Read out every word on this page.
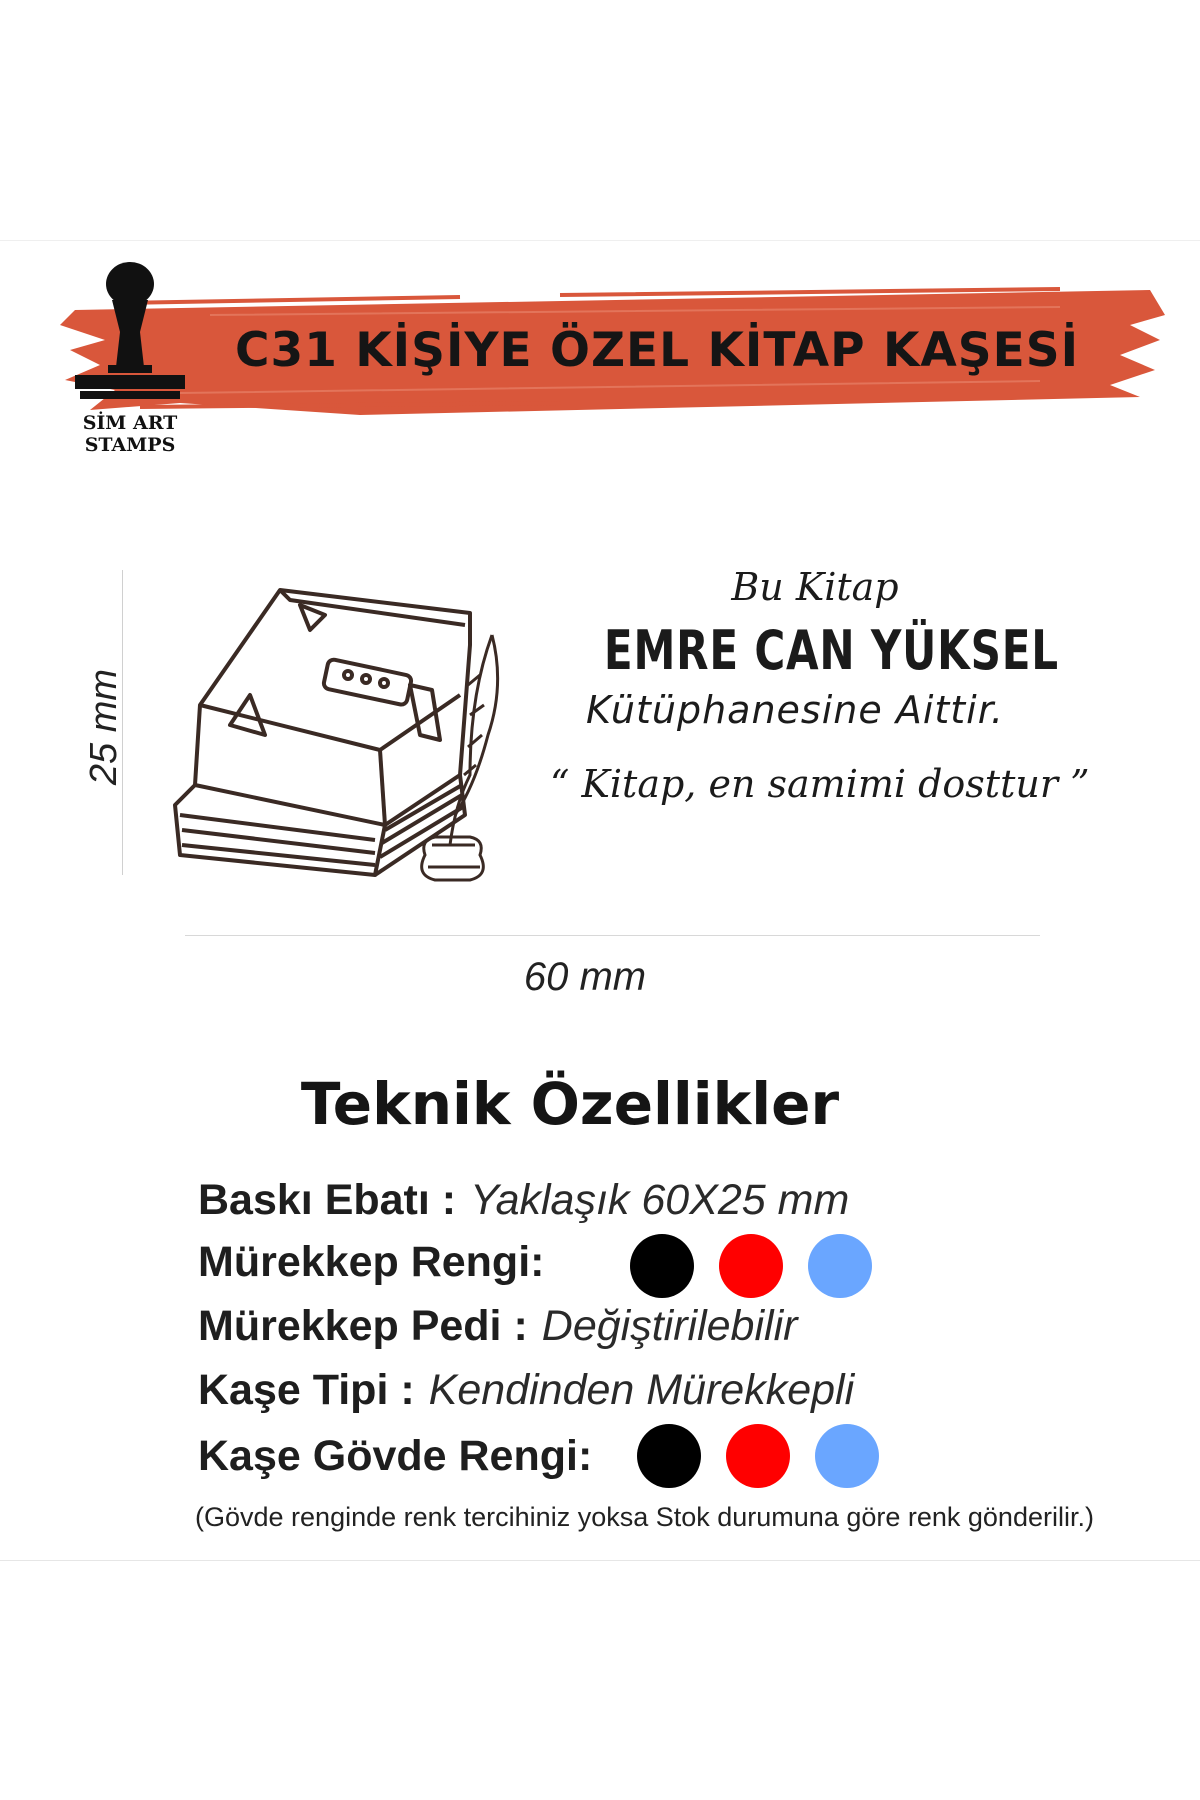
C31 KİŞİYE ÖZEL KİTAP KAŞESİ
SİM ART
STAMPS
25 mm
Bu Kitap
EMRE CAN YÜKSEL
Kütüphanesine Aittir.
“ Kitap, en samimi dosttur ”
60 mm
Teknik Özellikler
Baskı Ebatı : Yaklaşık 60X25 mm
Mürekkep Rengi:
Mürekkep Pedi : Değiştirilebilir
Kaşe Tipi : Kendinden Mürekkepli
Kaşe Gövde Rengi:
(Gövde renginde renk tercihiniz yoksa Stok durumuna göre renk gönderilir.)
